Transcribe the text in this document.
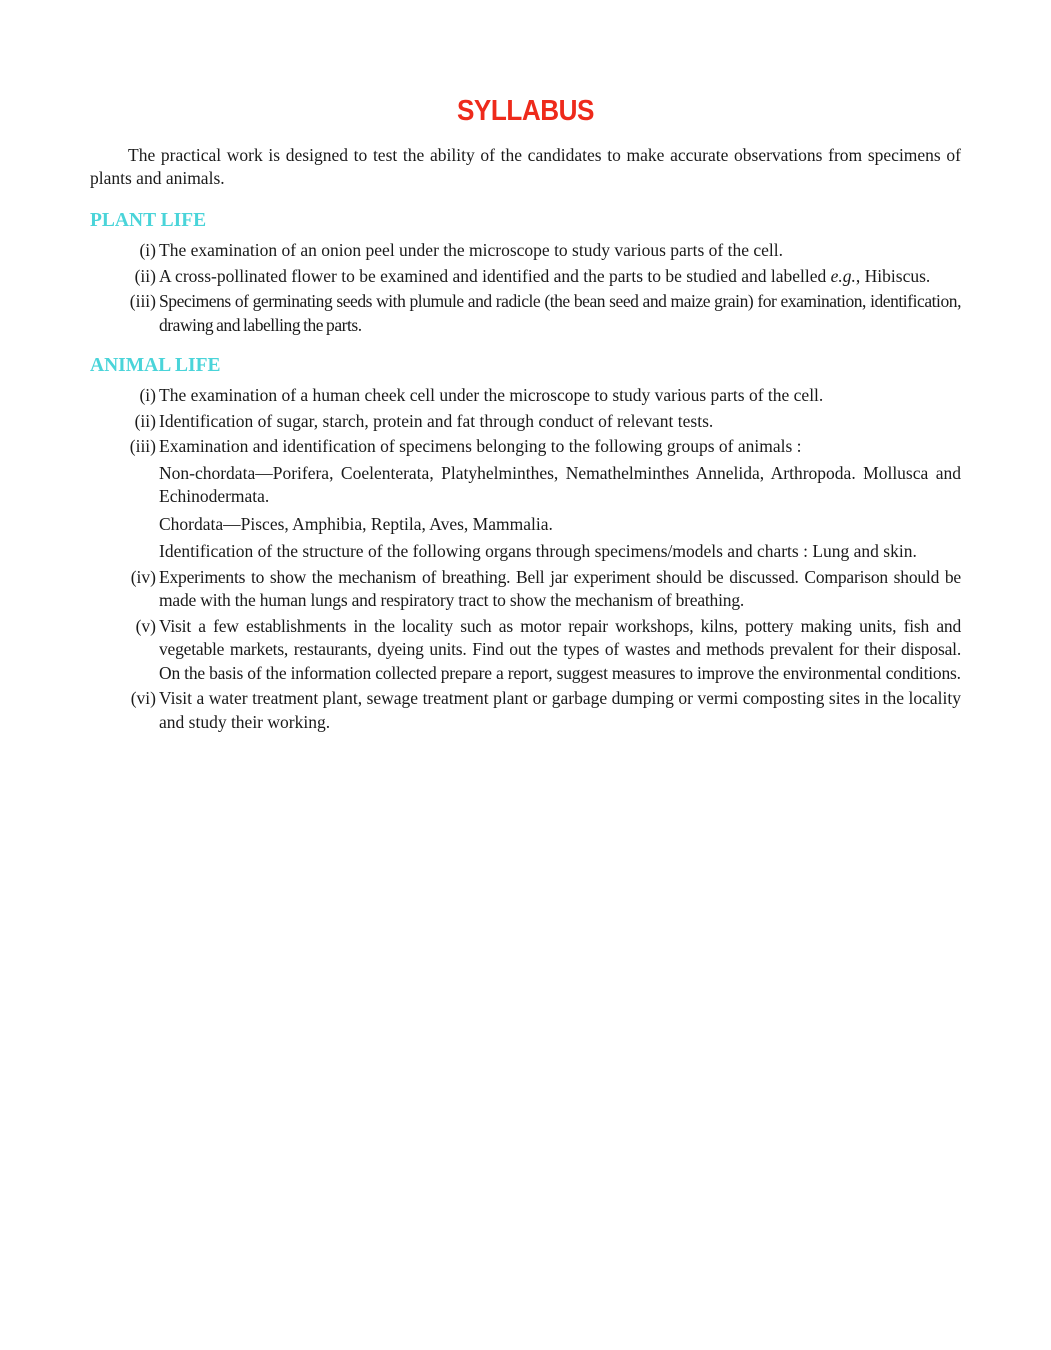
SYLLABUS

The practical work is designed to test the ability of the candidates to make accurate observations from specimens of plants and animals.

PLANT LIFE
(i) The examination of an onion peel under the microscope to study various parts of the cell.
(ii) A cross-pollinated flower to be examined and identified and the parts to be studied and labelled e.g., Hibiscus.
(iii) Specimens of germinating seeds with plumule and radicle (the bean seed and maize grain) for examination, identification, drawing and labelling the parts.
ANIMAL LIFE
(i) The examination of a human cheek cell under the microscope to study various parts of the cell.
(ii) Identification of sugar, starch, protein and fat through conduct of relevant tests.
(iii) Examination and identification of specimens belonging to the following groups of animals :
Non-chordata—Porifera, Coelenterata, Platyhelminthes, Nemathelminthes Annelida, Arthropoda. Mollusca and Echinodermata.
Chordata—Pisces, Amphibia, Reptila, Aves, Mammalia.
Identification of the structure of the following organs through specimens/models and charts : Lung and skin.
(iv) Experiments to show the mechanism of breathing. Bell jar experiment should be discussed. Comparison should be made with the human lungs and respiratory tract to show the mechanism of breathing.
(v) Visit a few establishments in the locality such as motor repair workshops, kilns, pottery making units, fish and vegetable markets, restaurants, dyeing units. Find out the types of wastes and methods prevalent for their disposal. On the basis of the information collected prepare a report, suggest measures to improve the environmental conditions.
(vi) Visit a water treatment plant, sewage treatment plant or garbage dumping or vermi composting sites in the locality and study their working.
